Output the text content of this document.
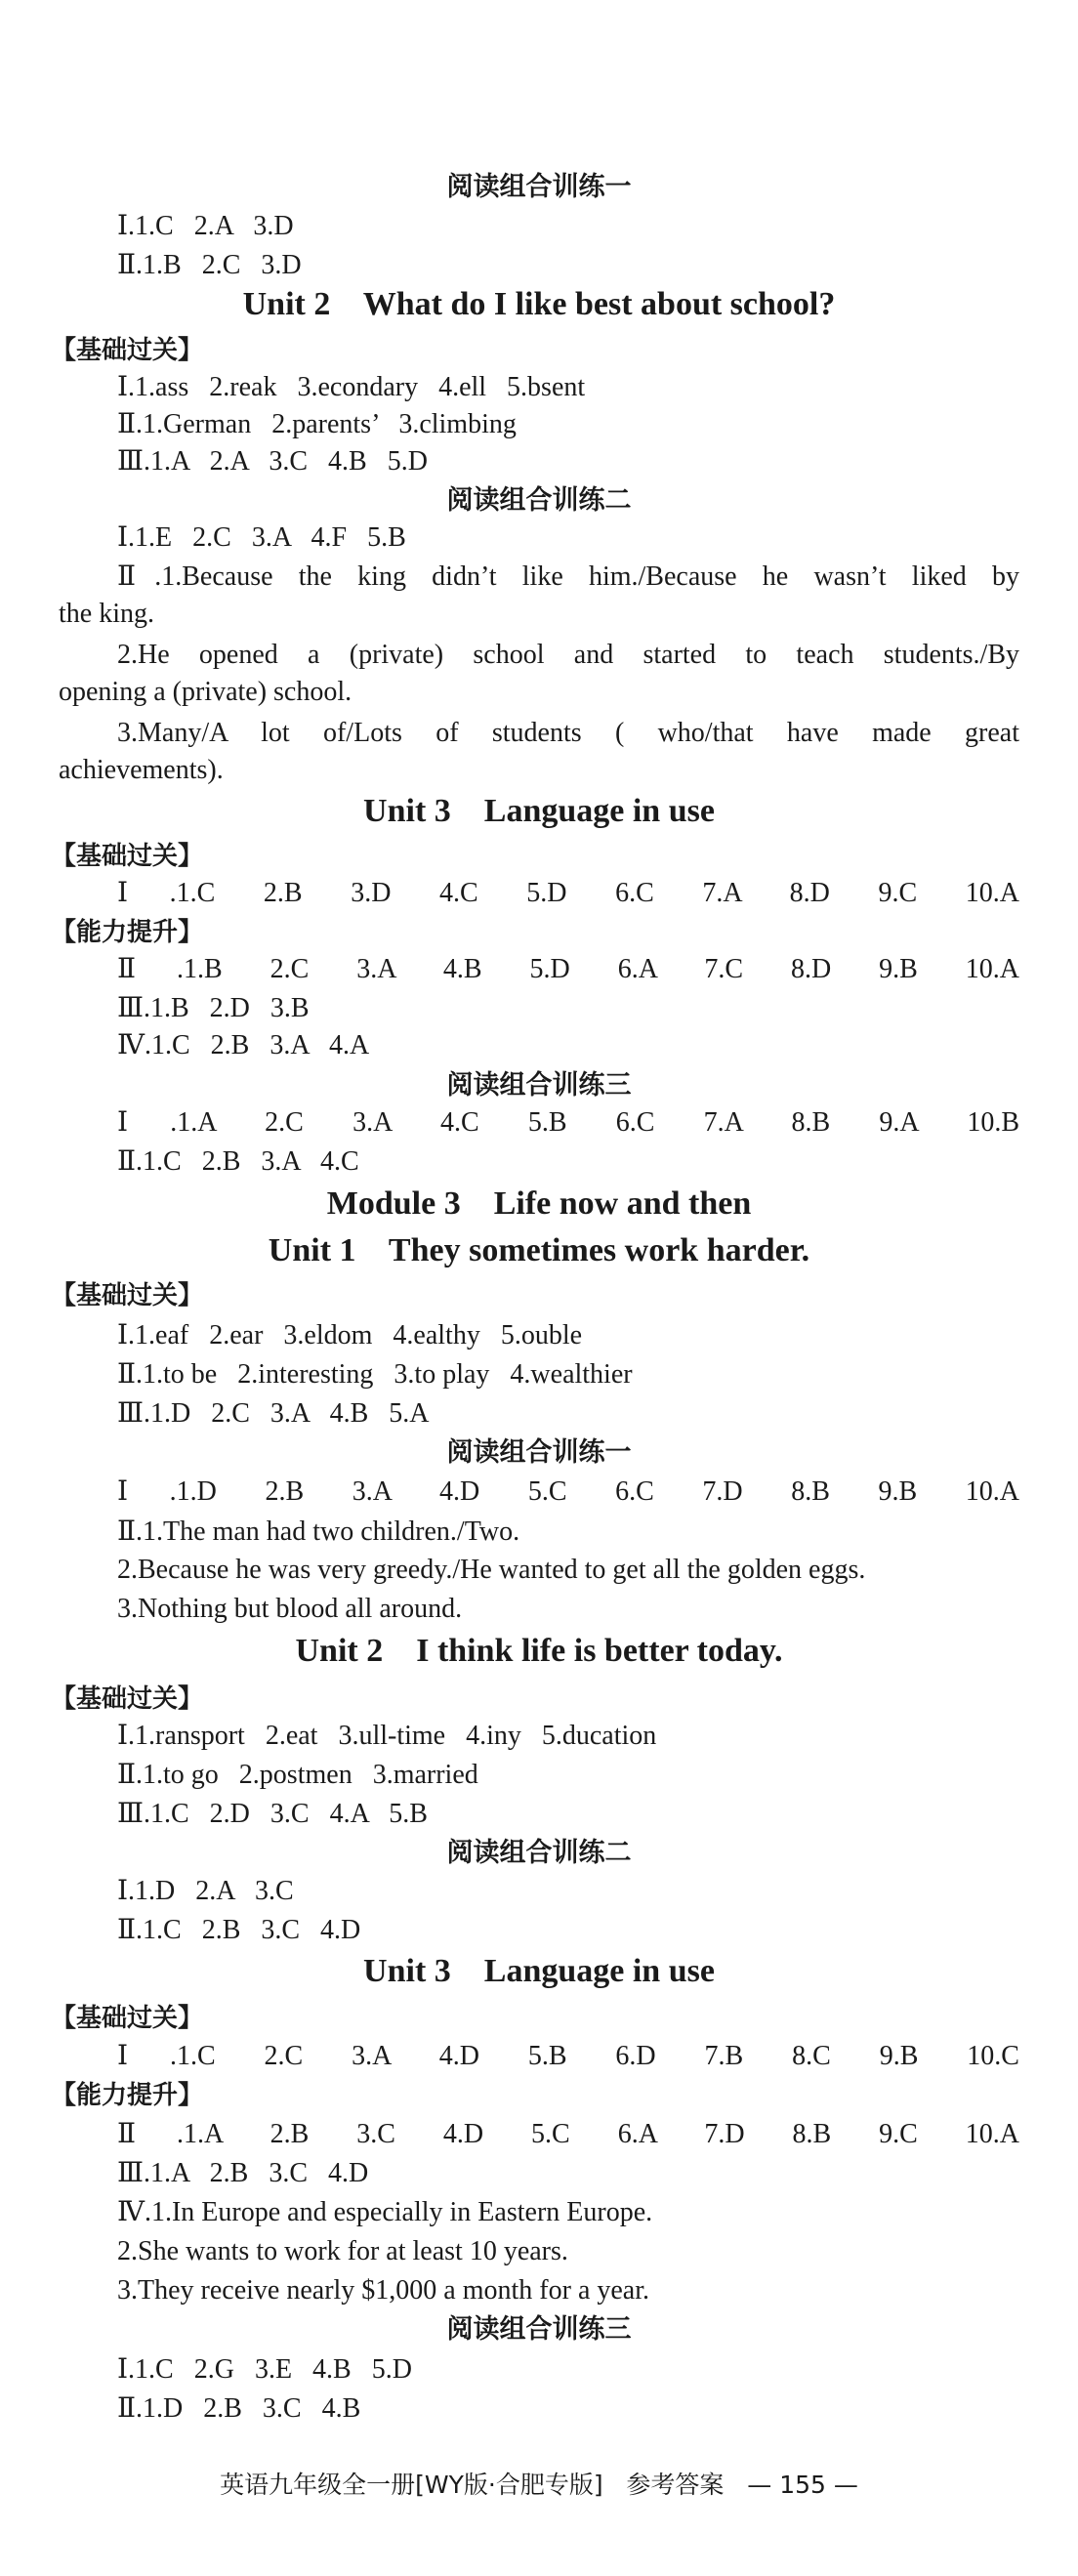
阅读组合训练一
Ⅰ.1.C   2.A   3.D
Ⅱ.1.B   2.C   3.D
Unit 2    What do I like best about school?
【基础过关】
Ⅰ.1.ass   2.reak   3.econdary   4.ell   5.bsent
Ⅱ.1.German   2.parents’   3.climbing
Ⅲ.1.A   2.A   3.C   4.B   5.D
阅读组合训练二
Ⅰ.1.E   2.C   3.A   4.F   5.B
Ⅱ.1.Because the king didn’t like him./Because he wasn’t liked by
the king.
2.He opened a (private) school and started to teach students./By
opening a (private) school.
3.Many/A lot of/Lots of students ( who/that have made great
achievements).
Unit 3    Language in use
【基础过关】
Ⅰ.1.C 2.B 3.D 4.C 5.D 6.C 7.A 8.D 9.C 10.A
【能力提升】
Ⅱ.1.B 2.C 3.A 4.B 5.D 6.A 7.C 8.D 9.B 10.A
Ⅲ.1.B   2.D   3.B
Ⅳ.1.C   2.B   3.A   4.A
阅读组合训练三
Ⅰ.1.A 2.C 3.A 4.C 5.B 6.C 7.A 8.B 9.A 10.B
Ⅱ.1.C   2.B   3.A   4.C
Module 3    Life now and then
Unit 1    They sometimes work harder.
【基础过关】
Ⅰ.1.eaf   2.ear   3.eldom   4.ealthy   5.ouble
Ⅱ.1.to be   2.interesting   3.to play   4.wealthier
Ⅲ.1.D   2.C   3.A   4.B   5.A
阅读组合训练一
Ⅰ.1.D 2.B 3.A 4.D 5.C 6.C 7.D 8.B 9.B 10.A
Ⅱ.1.The man had two children./Two.
2.Because he was very greedy./He wanted to get all the golden eggs.
3.Nothing but blood all around.
Unit 2    I think life is better today.
【基础过关】
Ⅰ.1.ransport   2.eat   3.ull-time   4.iny   5.ducation
Ⅱ.1.to go   2.postmen   3.married
Ⅲ.1.C   2.D   3.C   4.A   5.B
阅读组合训练二
Ⅰ.1.D   2.A   3.C
Ⅱ.1.C   2.B   3.C   4.D
Unit 3    Language in use
【基础过关】
Ⅰ.1.C 2.C 3.A 4.D 5.B 6.D 7.B 8.C 9.B 10.C
【能力提升】
Ⅱ.1.A 2.B 3.C 4.D 5.C 6.A 7.D 8.B 9.C 10.A
Ⅲ.1.A   2.B   3.C   4.D
Ⅳ.1.In Europe and especially in Eastern Europe.
2.She wants to work for at least 10 years.
3.They receive nearly $1,000 a month for a year.
阅读组合训练三
Ⅰ.1.C   2.G   3.E   4.B   5.D
Ⅱ.1.D   2.B   3.C   4.B
英语九年级全一册[WY版·合肥专版]   参考答案   — 155 —
